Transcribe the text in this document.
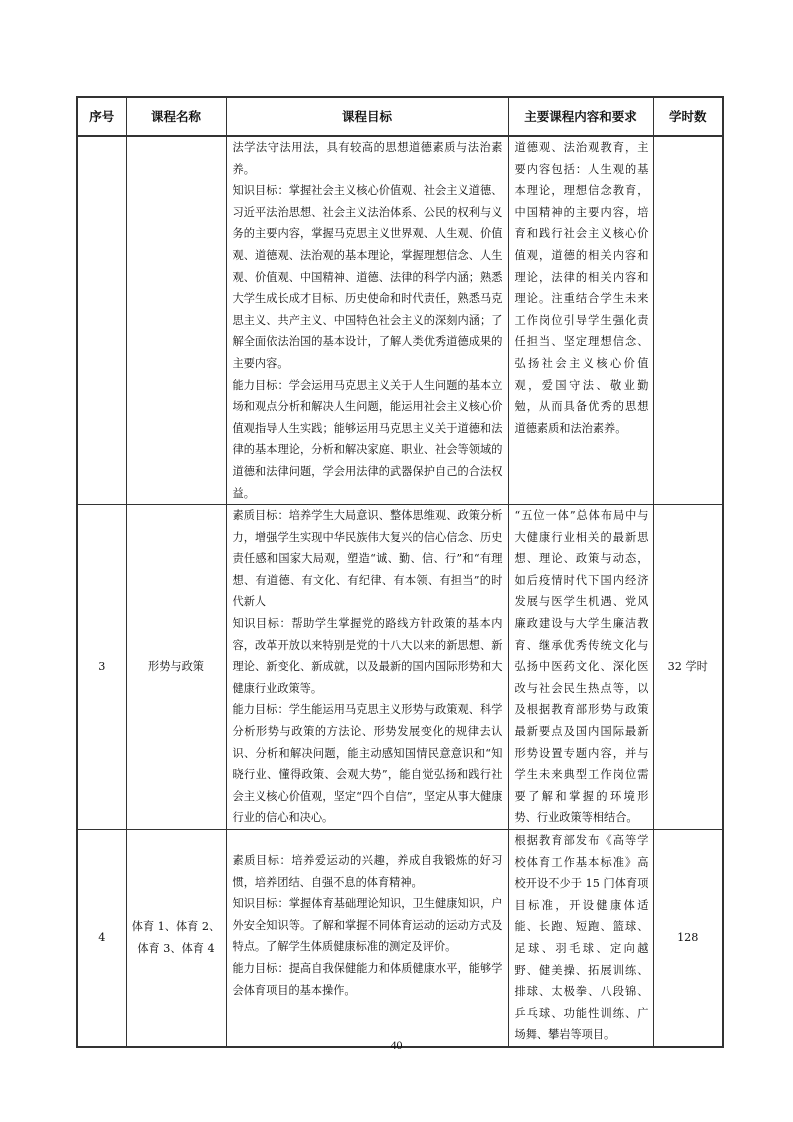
序号	课程名称	课程目标	主要课程内容和要求	学时数

		法学法守法用法，具有较高的思想道德素质与法治素养。
知识目标：掌握社会主义核心价值观、社会主义道德、习近平法治思想、社会主义法治体系、公民的权利与义务的主要内容，掌握马克思主义世界观、人生观、价值观、道德观、法治观的基本理论，掌握理想信念、人生观、价值观、中国精神、道德、法律的科学内涵；熟悉大学生成长成才目标、历史使命和时代责任，熟悉马克思主义、共产主义、中国特色社会主义的深刻内涵；了解全面依法治国的基本设计，了解人类优秀道德成果的主要内容。
能力目标：学会运用马克思主义关于人生问题的基本立场和观点分析和解决人生问题，能运用社会主义核心价值观指导人生实践；能够运用马克思主义关于道德和法律的基本理论，分析和解决家庭、职业、社会等领域的道德和法律问题，学会用法律的武器保护自己的合法权益。	道德观、法治观教育，主要内容包括：人生观的基本理论，理想信念教育，中国精神的主要内容，培育和践行社会主义核心价值观，道德的相关内容和理论，法律的相关内容和理论。注重结合学生未来工作岗位引导学生强化责任担当、坚定理想信念、弘扬社会主义核心价值观，爱国守法、敬业勤勉，从而具备优秀的思想道德素质和法治素养。	
3	形势与政策	素质目标：培养学生大局意识、整体思维观、政策分析力，增强学生实现中华民族伟大复兴的信心信念、历史责任感和国家大局观，塑造“诚、勤、信、行”和“有理想、有道德、有文化、有纪律、有本领、有担当”的时代新人
知识目标：帮助学生掌握党的路线方针政策的基本内容，改革开放以来特别是党的十八大以来的新思想、新理论、新变化、新成就，以及最新的国内国际形势和大健康行业政策等。
能力目标：学生能运用马克思主义形势与政策观、科学分析形势与政策的方法论、形势发展变化的规律去认识、分析和解决问题，能主动感知国情民意意识和“知晓行业、懂得政策、会观大势”，能自觉弘扬和践行社会主义核心价值观，坚定“四个自信”，坚定从事大健康行业的信心和决心。	“五位一体”总体布局中与大健康行业相关的最新思想、理论、政策与动态，如后疫情时代下国内经济发展与医学生机遇、党风廉政建设与大学生廉洁教育、继承优秀传统文化与弘扬中医药文化、深化医改与社会民生热点等，以及根据教育部形势与政策最新要点及国内国际最新形势设置专题内容，并与学生未来典型工作岗位需要了解和掌握的环境形势、行业政策等相结合。	32 学时
4	体育 1、体育 2、体育 3、体育 4	素质目标：培养爱运动的兴趣，养成自我锻炼的好习惯，培养团结、自强不息的体育精神。
知识目标：掌握体育基础理论知识，卫生健康知识，户外安全知识等。了解和掌握不同体育运动的运动方式及特点。了解学生体质健康标准的测定及评价。
能力目标：提高自我保健能力和体质健康水平，能够学会体育项目的基本操作。	根据教育部发布《高等学校体育工作基本标准》高校开设不少于 15 门体育项目标准，开设健康体适能、长跑、短跑、篮球、足球、羽毛球、定向越野、健美操、拓展训练、排球、太极拳、八段锦、乒乓球、功能性训练、广场舞、攀岩等项目。	128
40
